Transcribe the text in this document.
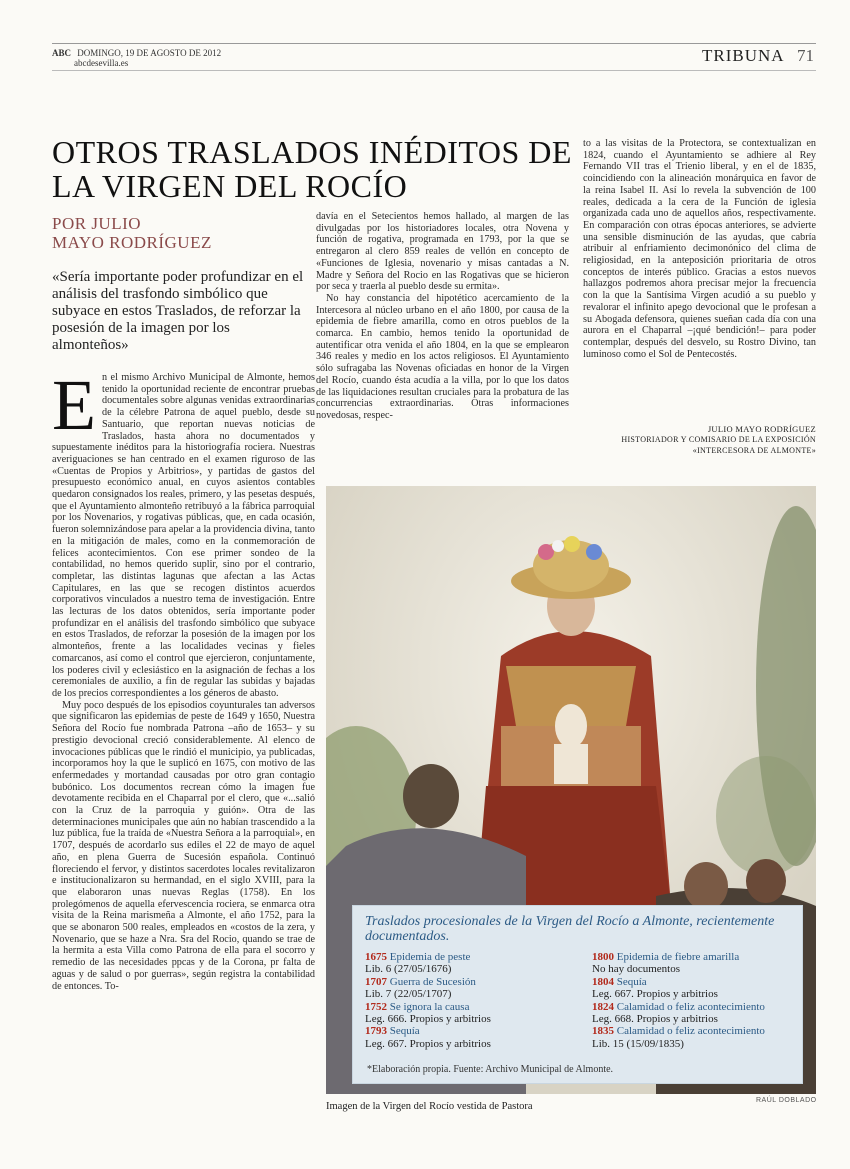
ABC DOMINGO, 19 DE AGOSTO DE 2012
abcdesevilla.es	TRIBUNA 71
OTROS TRASLADOS INÉDITOS DE
LA VIRGEN DEL ROCÍO
POR JULIO
MAYO RODRÍGUEZ
«Sería importante poder profundizar en el análisis del trasfondo simbólico que subyace en estos Traslados, de reforzar la posesión de la imagen por los almonteños»
E n el mismo Archivo Municipal de Almonte, hemos tenido la oportunidad reciente de encontrar pruebas documentales sobre algunas venidas extraordinarias de la célebre Patrona de aquel pueblo, desde su Santuario, que reportan nuevas noticias de Traslados, hasta ahora no documentados y supuestamente inéditos para la historiografía rociera. Nuestras averiguaciones se han centrado en el examen riguroso de las «Cuentas de Propios y Arbitrios», y partidas de gastos del presupuesto económico anual, en cuyos asientos contables quedaron consignados los reales, primero, y las pesetas después, que el Ayuntamiento almonteño retribuyó a la fábrica parroquial por los Novenarios, y rogativas públicas, que, en cada ocasión, fueron solemnizándose para apelar a la providencia divina, tanto en la mitigación de males, como en la conmemoración de felices acontecimientos. Con ese primer sondeo de la contabilidad, no hemos querido suplir, sino por el contrario, completar, las distintas lagunas que afectan a las Actas Capitulares, en las que se recogen distintos acuerdos corporativos vinculados a nuestro tema de investigación. Entre las lecturas de los datos obtenidos, sería importante poder profundizar en el análisis del trasfondo simbólico que subyace en estos Traslados, de reforzar la posesión de la imagen por los almonteños, frente a las localidades vecinas y fieles comarcanos, así como el control que ejercieron, conjuntamente, los poderes civil y eclesiástico en la asignación de fechas a los ceremoniales de auxilio, a fin de regular las subidas y bajadas de los precios correspondientes a los géneros de abasto.

Muy poco después de los episodios coyunturales tan adversos que significaron las epidemias de peste de 1649 y 1650, Nuestra Señora del Rocío fue nombrada Patrona –año de 1653– y su prestigio devocional creció considerablemente. Al elenco de invocaciones públicas que le rindió el municipio, ya publicadas, incorporamos hoy la que le suplicó en 1675, con motivo de las enfermedades y mortandad causadas por otro gran contagio bubónico. Los documentos recrean cómo la imagen fue devotamente recibida en el Chaparral por el clero, que «...salió con la Cruz de la parroquia y guión». Otra de las determinaciones municipales que aún no habían trascendido a la luz pública, fue la traída de «Nuestra Señora a la parroquial», en 1707, después de acordarlo sus ediles el 22 de mayo de aquel año, en plena Guerra de Sucesión española. Continuó floreciendo el fervor, y distintos sacerdotes locales revitalizaron e institucionalizaron su hermandad, en el siglo XVIII, para la que elaboraron unas nuevas Reglas (1758). En los prolegómenos de aquella efervescencia rociera, se enmarca otra visita de la Reina marismeña a Almonte, el año 1752, para la que se abonaron 500 reales, empleados en «costos de la zera, y Novenario, que se haze a Nra. Sra del Rocio, quando se trae de la hermita a esta Villa como Patrona de ella para el socorro y remedio de las necesidades ppcas y de la Corona, pr falta de aguas y de salud o por guerras», según registra la contabilidad de entonces. To-

davía en el Setecientos hemos hallado, al margen de las divulgadas por los historiadores locales, otra Novena y función de rogativa, programada en 1793, por la que se entregaron al clero 859 reales de vellón en concepto de «Funciones de Iglesia, novenario y misas cantadas a N. Madre y Señora del Rocio en las Rogativas que se hicieron por seca y traerla al pueblo desde su ermita».

No hay constancia del hipotético acercamiento de la Intercesora al núcleo urbano en el año 1800, por causa de la epidemia de fiebre amarilla, como en otros pueblos de la comarca. En cambio, hemos tenido la oportunidad de autentificar otra venida el año 1804, en la que se emplearon 346 reales y medio en los actos religiosos. El Ayuntamiento sólo sufragaba las Novenas oficiadas en honor de la Virgen del Rocío, cuando ésta acudía a la villa, por lo que los datos de las liquidaciones resultan cruciales para la probatura de las concurrencias extraordinarias. Otras informaciones novedosas, respec-

to a las visitas de la Protectora, se contextualizan en 1824, cuando el Ayuntamiento se adhiere al Rey Fernando VII tras el Trienio liberal, y en el de 1835, coincidiendo con la alineación monárquica en favor de la reina Isabel II. Así lo revela la subvención de 100 reales, dedicada a la cera de la Función de iglesia organizada cada uno de aquellos años, respectivamente. En comparación con otras épocas anteriores, se advierte una sensible disminución de las ayudas, que cabría atribuir al enfriamiento decimonónico del clima de religiosidad, en la anteposición prioritaria de otros conceptos de interés público. Gracias a estos nuevos hallazgos podremos ahora precisar mejor la frecuencia con la que la Santísima Virgen acudió a su pueblo y revalorar el infinito apego devocional que le profesan a su Abogada defensora, quienes sueñan cada día con una aurora en el Chaparral –¡qué bendición!– para poder contemplar, después del desvelo, su Rostro Divino, tan luminoso como el Sol de Pentecostés.

JULIO MAYO RODRÍGUEZ
HISTORIADOR Y COMISARIO DE LA EXPOSICIÓN
«INTERCESORA DE ALMONTE»
Traslados procesionales de la Virgen del Rocío a Almonte, recientemente documentados.
1675 Epidemia de peste
Lib. 6 (27/05/1676)
1707 Guerra de Sucesión
Lib. 7 (22/05/1707)
1752 Se ignora la causa
Leg. 666. Propios y arbitrios
1793 Sequía
Leg. 667. Propios y arbitrios
1800 Epidemia de fiebre amarilla
No hay documentos
1804 Sequía
Leg. 667. Propios y arbitrios
1824 Calamidad o feliz acontecimiento
Leg. 668. Propios y arbitrios
1835 Calamidad o feliz acontecimiento
Lib. 15 (15/09/1835)
*Elaboración propia. Fuente: Archivo Municipal de Almonte.
RAÚL DOBLADO
Imagen de la Virgen del Rocío vestida de Pastora
